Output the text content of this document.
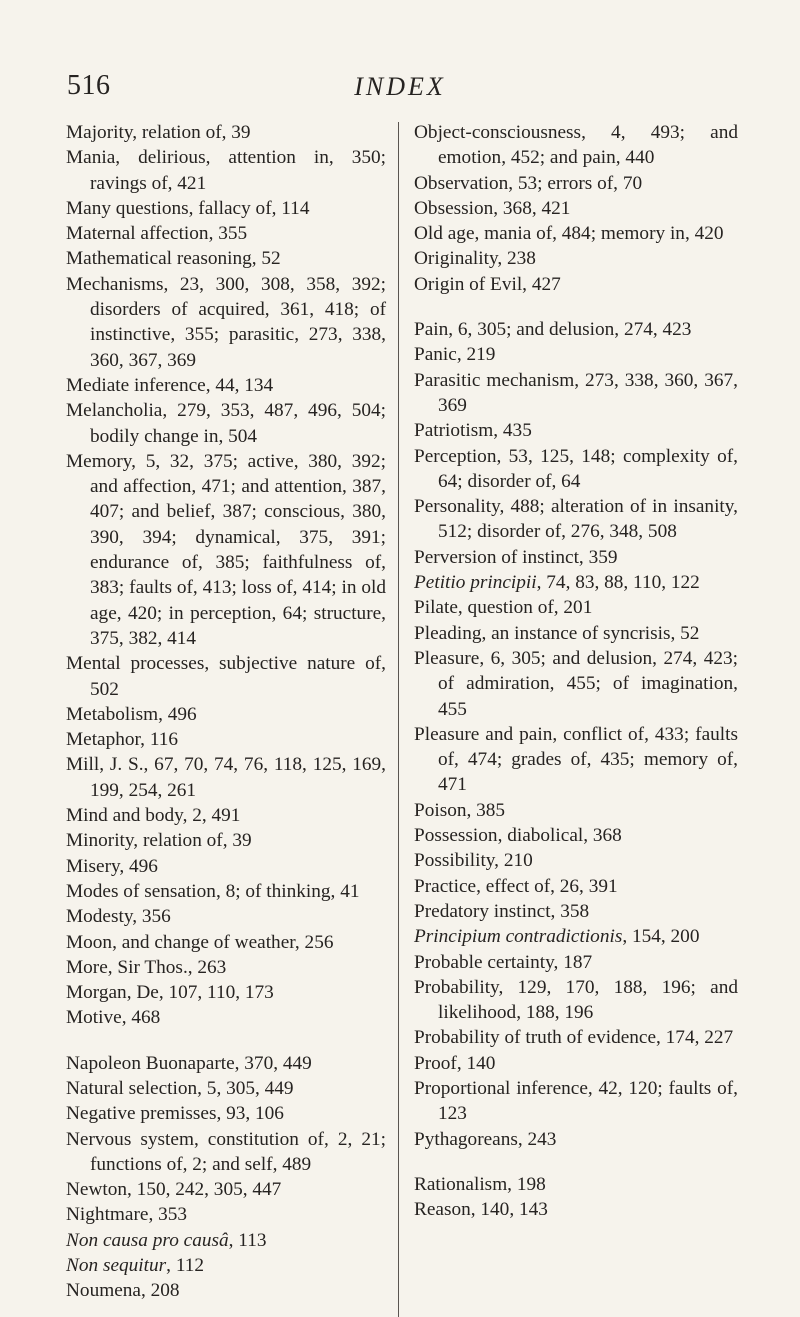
516	INDEX
Majority, relation of, 39
Mania, delirious, attention in, 350; ravings of, 421
Many questions, fallacy of, 114
Maternal affection, 355
Mathematical reasoning, 52
Mechanisms, 23, 300, 308, 358, 392; disorders of acquired, 361, 418; of instinctive, 355; parasitic, 273, 338, 360, 367, 369
Mediate inference, 44, 134
Melancholia, 279, 353, 487, 496, 504; bodily change in, 504
Memory, 5, 32, 375; active, 380, 392; and affection, 471; and attention, 387, 407; and belief, 387; conscious, 380, 390, 394; dynamical, 375, 391; endurance of, 385; faithfulness of, 383; faults of, 413; loss of, 414; in old age, 420; in perception, 64; structure, 375, 382, 414
Mental processes, subjective nature of, 502
Metabolism, 496
Metaphor, 116
Mill, J. S., 67, 70, 74, 76, 118, 125, 169, 199, 254, 261
Mind and body, 2, 491
Minority, relation of, 39
Misery, 496
Modes of sensation, 8; of thinking, 41
Modesty, 356
Moon, and change of weather, 256
More, Sir Thos., 263
Morgan, De, 107, 110, 173
Motive, 468
Napoleon Buonaparte, 370, 449
Natural selection, 5, 305, 449
Negative premisses, 93, 106
Nervous system, constitution of, 2, 21; functions of, 2; and self, 489
Newton, 150, 242, 305, 447
Nightmare, 353
Non causa pro causâ, 113
Non sequitur, 112
Noumena, 208
Object-consciousness, 4, 493; and emotion, 452; and pain, 440
Observation, 53; errors of, 70
Obsession, 368, 421
Old age, mania of, 484; memory in, 420
Originality, 238
Origin of Evil, 427
Pain, 6, 305; and delusion, 274, 423
Panic, 219
Parasitic mechanism, 273, 338, 360, 367, 369
Patriotism, 435
Perception, 53, 125, 148; complexity of, 64; disorder of, 64
Personality, 488; alteration of in insanity, 512; disorder of, 276, 348, 508
Perversion of instinct, 359
Petitio principii, 74, 83, 88, 110, 122
Pilate, question of, 201
Pleading, an instance of syncrisis, 52
Pleasure, 6, 305; and delusion, 274, 423; of admiration, 455; of imagination, 455
Pleasure and pain, conflict of, 433; faults of, 474; grades of, 435; memory of, 471
Poison, 385
Possession, diabolical, 368
Possibility, 210
Practice, effect of, 26, 391
Predatory instinct, 358
Principium contradictionis, 154, 200
Probable certainty, 187
Probability, 129, 170, 188, 196; and likelihood, 188, 196
Probability of truth of evidence, 174, 227
Proof, 140
Proportional inference, 42, 120; faults of, 123
Pythagoreans, 243
Rationalism, 198
Reason, 140, 143
